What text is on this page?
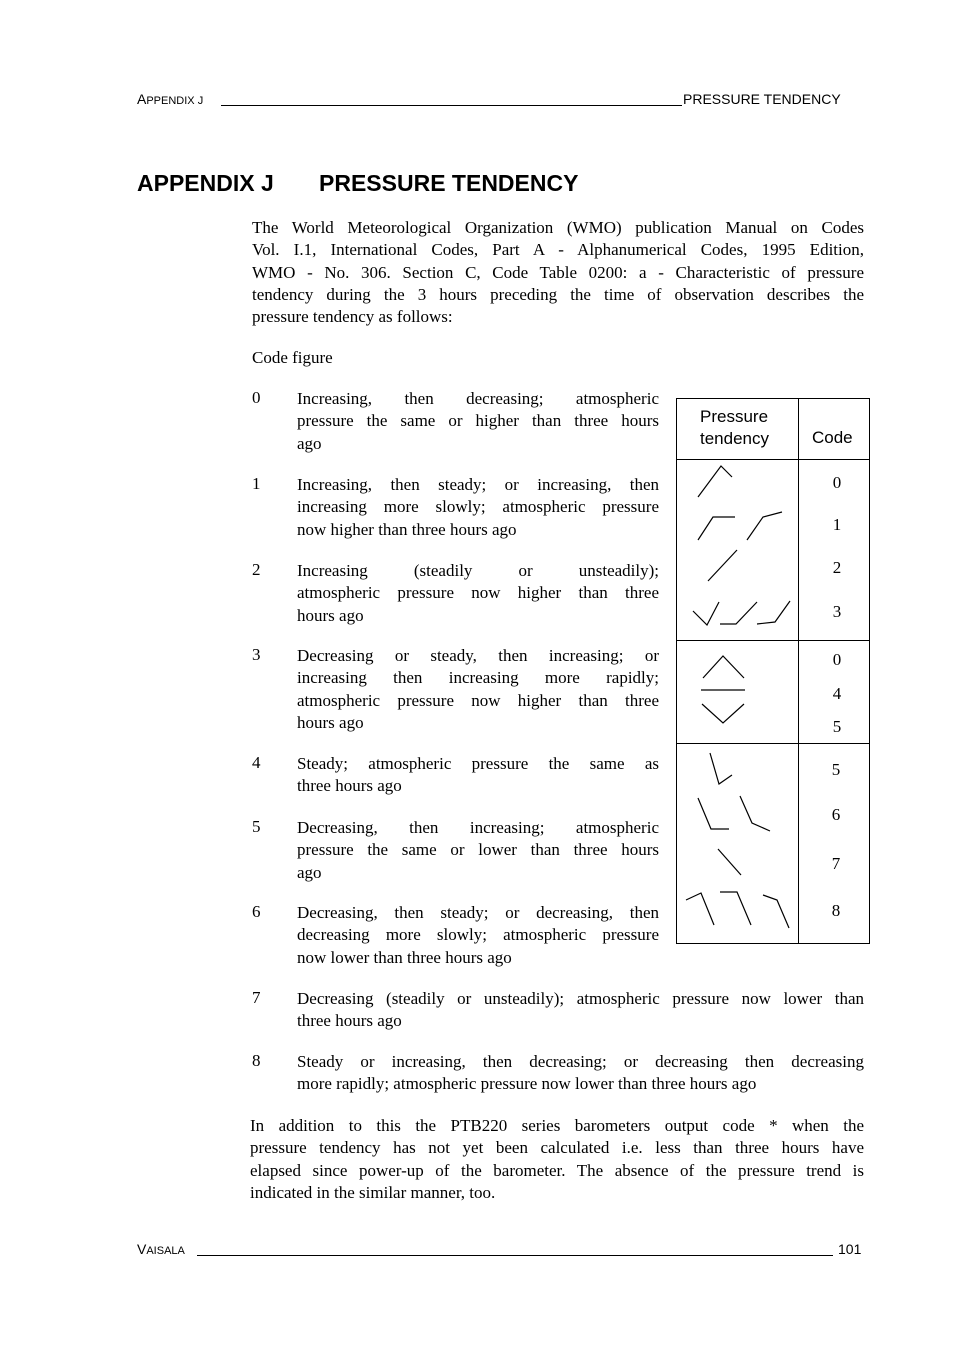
APPENDIX J	PRESSURE TENDENCY
APPENDIX J PRESSURE TENDENCY
The World Meteorological Organization (WMO) publication Manual on Codes
Vol. I.1, International Codes, Part A - Alphanumerical Codes, 1995 Edition,
WMO - No. 306. Section C, Code Table 0200: a - Characteristic of pressure
tendency during the 3 hours preceding the time of observation describes the
pressure tendency as follows:
Code figure
0 Increasing, then decreasing; atmospheric
pressure the same or higher than three hours
ago
1 Increasing, then steady; or increasing, then
increasing more slowly; atmospheric pressure
now higher than three hours ago
2 Increasing (steadily or unsteadily);
atmospheric pressure now higher than three
hours ago
3 Decreasing or steady, then increasing; or
increasing then increasing more rapidly;
atmospheric pressure now higher than three
hours ago
4 Steady; atmospheric pressure the same as
three hours ago
5 Decreasing, then increasing; atmospheric
pressure the same or lower than three hours
ago
6 Decreasing, then steady; or decreasing, then
decreasing more slowly; atmospheric pressure
now lower than three hours ago
7 Decreasing (steadily or unsteadily); atmospheric pressure now lower than
three hours ago
8 Steady or increasing, then decreasing; or decreasing then decreasing
more rapidly; atmospheric pressure now lower than three hours ago
Pressure
tendency	Code
0
1
2
3
0
4
5
5
6
7
8
In addition to this the PTB220 series barometers output code * when the
pressure tendency has not yet been calculated i.e. less than three hours have
elapsed since power-up of the barometer. The absence of the pressure trend is
indicated in the similar manner, too.
VAISALA	101
